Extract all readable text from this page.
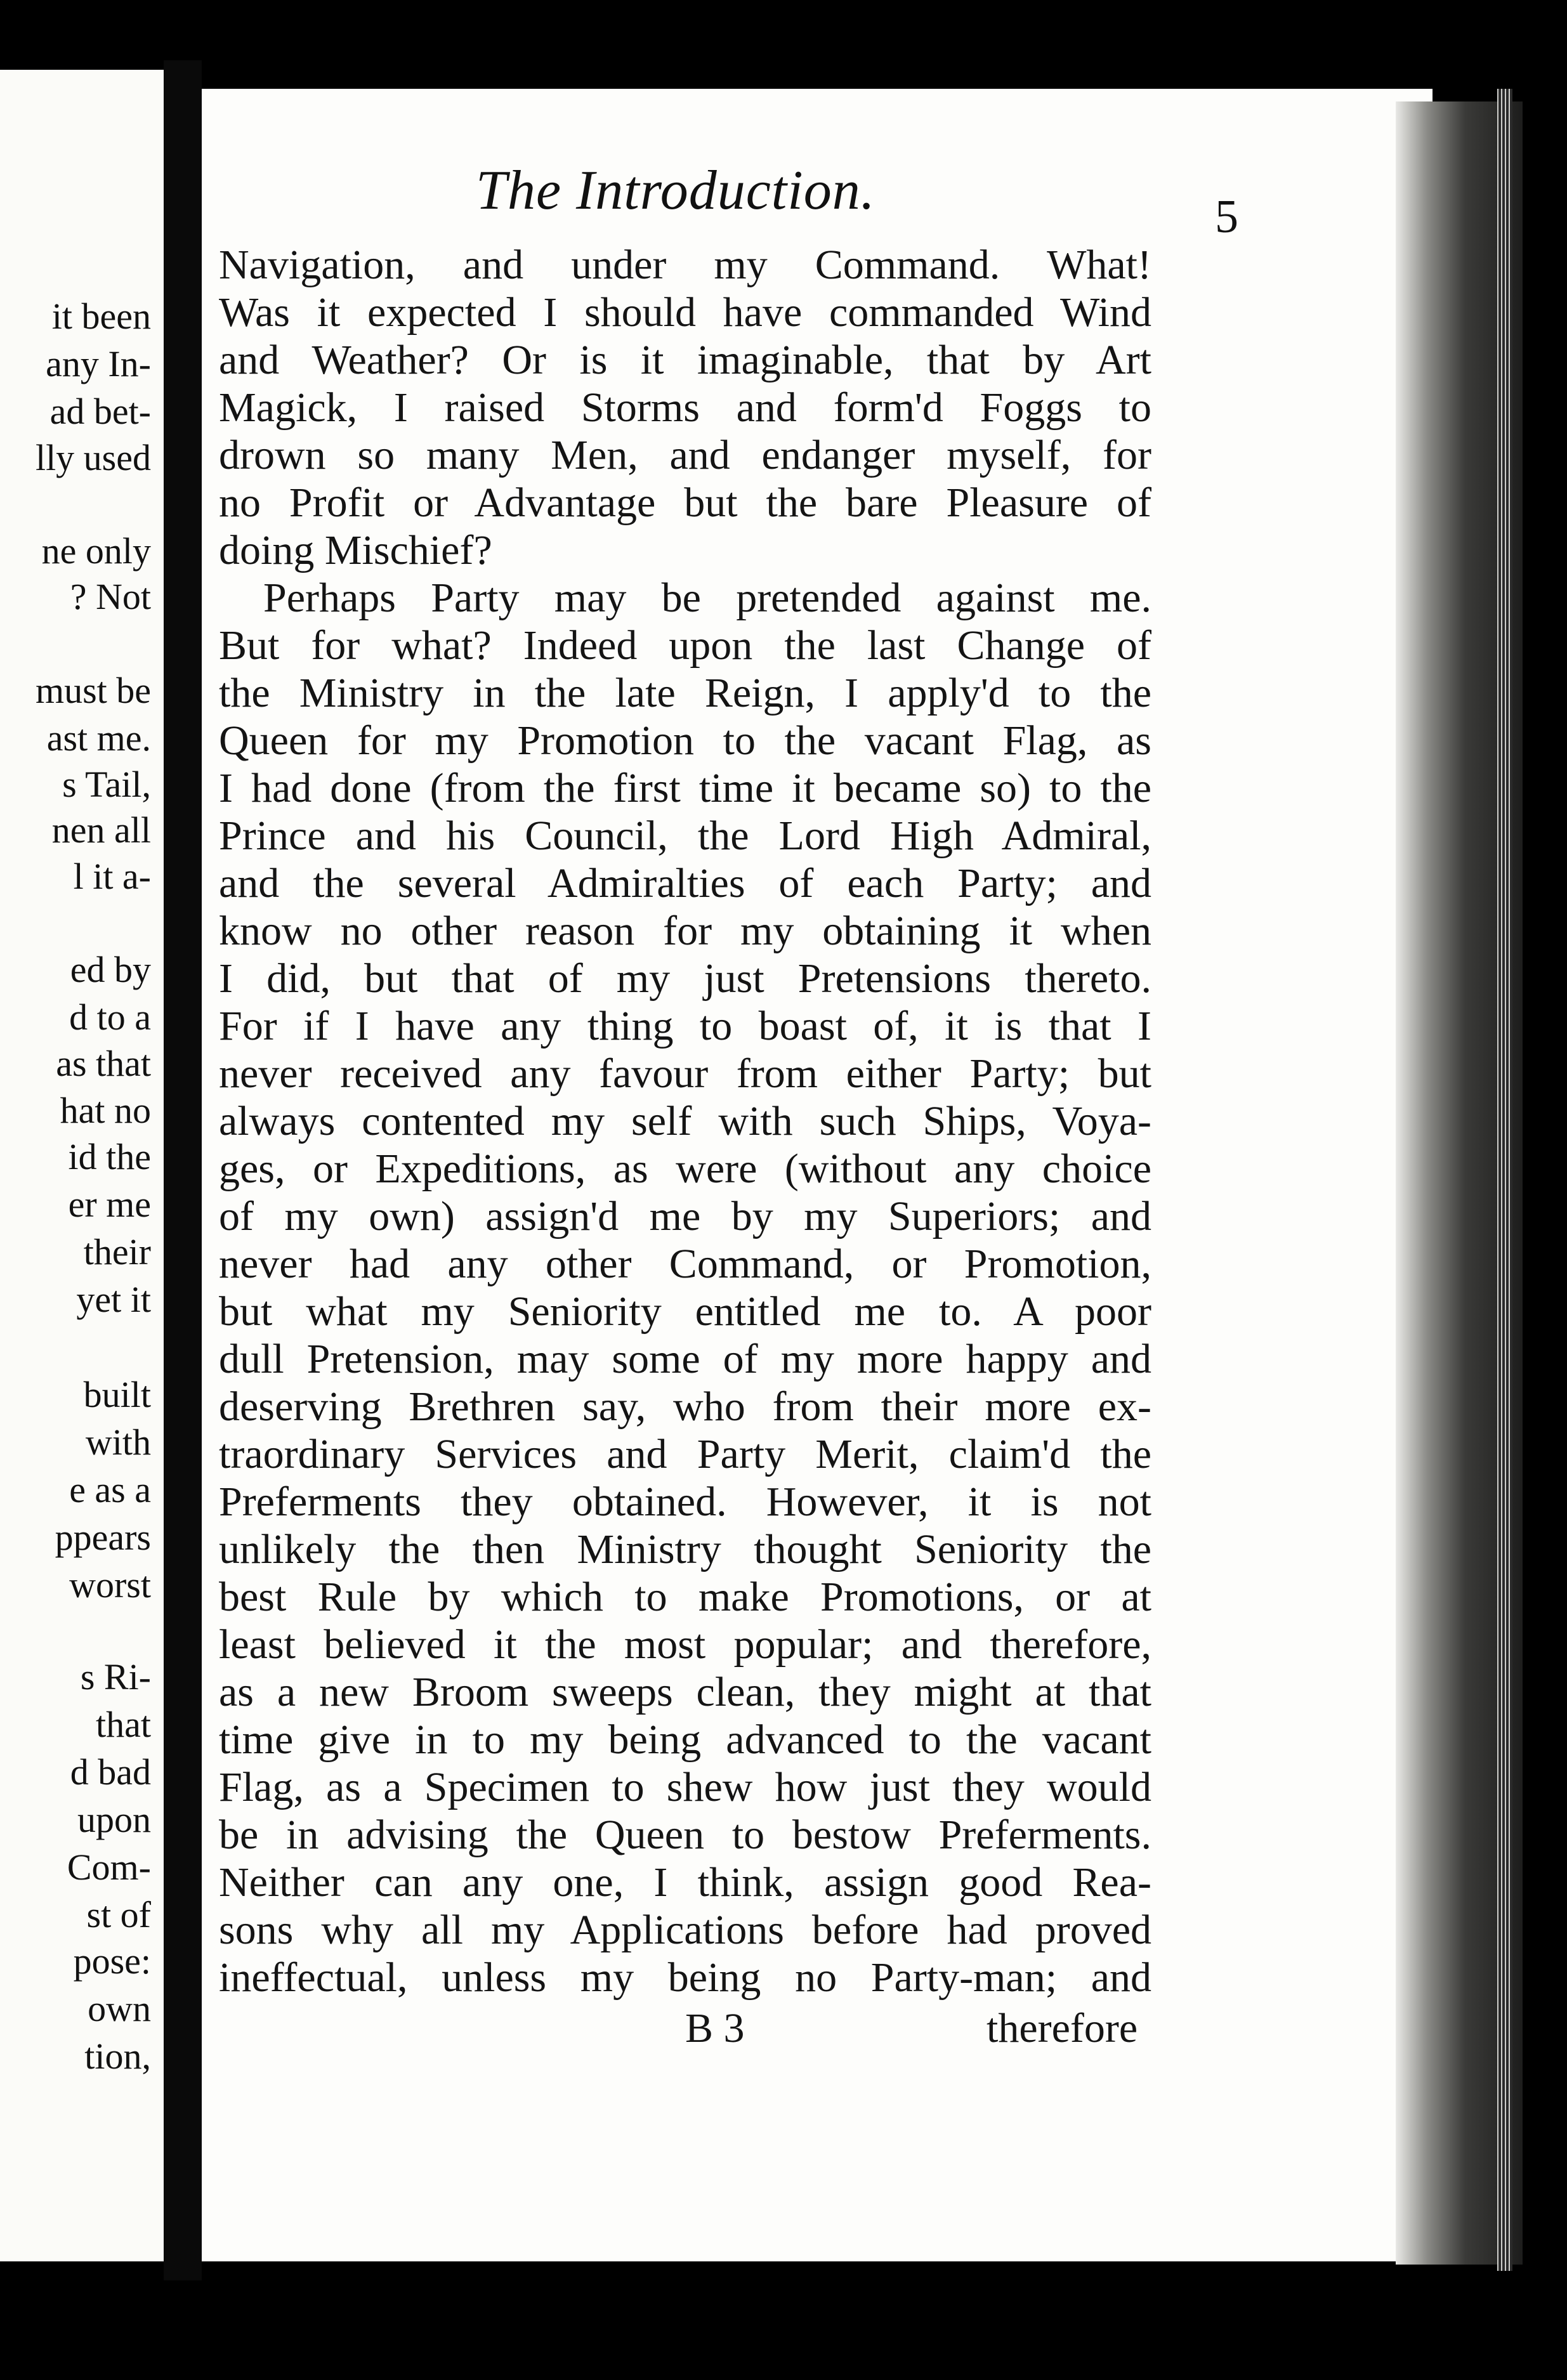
it been
any In-
ad bet-
lly used
ne only
? Not
must be
ast me.
s Tail,
nen all
l it a-
ed by
d to a
as that
hat no
id the
er me
their
yet it
built
with
e as a
ppears
worst
s Ri-
that
d bad
upon
Com-
st of
pose:
own
tion,
The Introduction.	5
Navigation, and under my Command. What!
Was it expected I should have commanded Wind
and Weather? Or is it imaginable, that by Art
Magick, I raised Storms and form'd Foggs to
drown so many Men, and endanger myself, for
no Profit or Advantage but the bare Pleasure of
doing Mischief?
Perhaps Party may be pretended against me.
But for what? Indeed upon the last Change of
the Ministry in the late Reign, I apply'd to the
Queen for my Promotion to the vacant Flag, as
I had done (from the first time it became so) to the
Prince and his Council, the Lord High Admiral,
and the several Admiralties of each Party; and
know no other reason for my obtaining it when
I did, but that of my just Pretensions thereto.
For if I have any thing to boast of, it is that I
never received any favour from either Party; but
always contented my self with such Ships, Voya-
ges, or Expeditions, as were (without any choice
of my own) assign'd me by my Superiors; and
never had any other Command, or Promotion,
but what my Seniority entitled me to. A poor
dull Pretension, may some of my more happy and
deserving Brethren say, who from their more ex-
traordinary Services and Party Merit, claim'd the
Preferments they obtained. However, it is not
unlikely the then Ministry thought Seniority the
best Rule by which to make Promotions, or at
least believed it the most popular; and therefore,
as a new Broom sweeps clean, they might at that
time give in to my being advanced to the vacant
Flag, as a Specimen to shew how just they would
be in advising the Queen to bestow Preferments.
Neither can any one, I think, assign good Rea-
sons why all my Applications before had proved
ineffectual, unless my being no Party-man; and
B 3	therefore
